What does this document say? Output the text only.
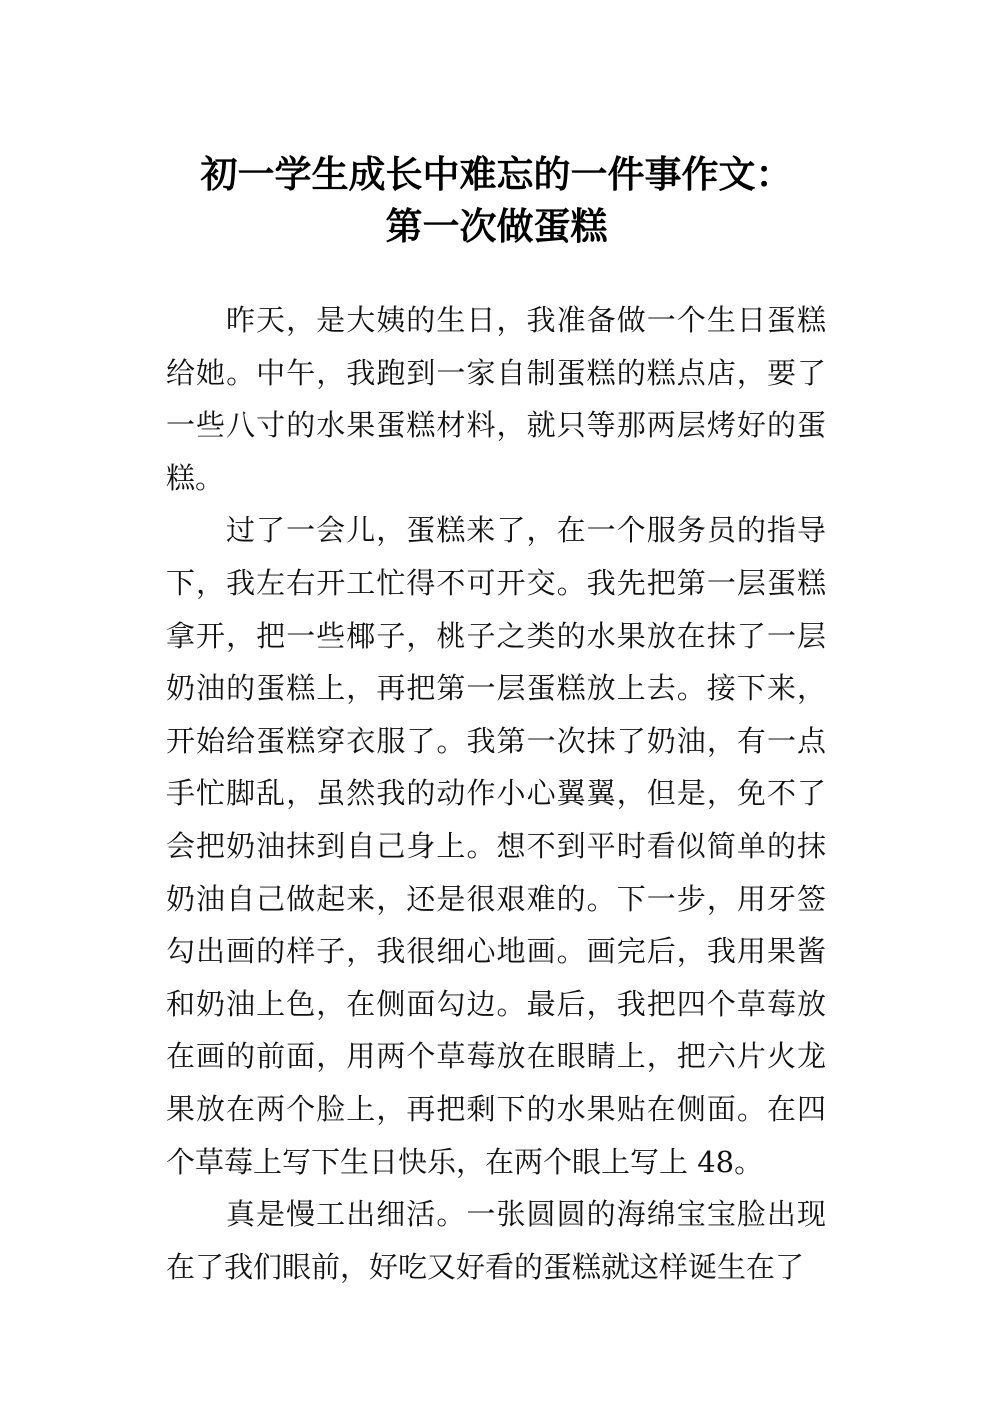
初一学生成长中难忘的一件事作文：
第一次做蛋糕

昨天，是大姨的生日，我准备做一个生日蛋糕给她。中午，我跑到一家自制蛋糕的糕点店，要了一些八寸的水果蛋糕材料，就只等那两层烤好的蛋糕。

过了一会儿，蛋糕来了，在一个服务员的指导下，我左右开工忙得不可开交。我先把第一层蛋糕拿开，把一些椰子，桃子之类的水果放在抹了一层奶油的蛋糕上，再把第一层蛋糕放上去。接下来，开始给蛋糕穿衣服了。我第一次抹了奶油，有一点手忙脚乱，虽然我的动作小心翼翼，但是，免不了会把奶油抹到自己身上。想不到平时看似简单的抹奶油自己做起来，还是很艰难的。下一步，用牙签勾出画的样子，我很细心地画。画完后，我用果酱和奶油上色，在侧面勾边。最后，我把四个草莓放在画的前面，用两个草莓放在眼睛上，把六片火龙果放在两个脸上，再把剩下的水果贴在侧面。在四个草莓上写下生日快乐，在两个眼上写上 48。

真是慢工出细活。一张圆圆的海绵宝宝脸出现在了我们眼前，好吃又好看的蛋糕就这样诞生在了
